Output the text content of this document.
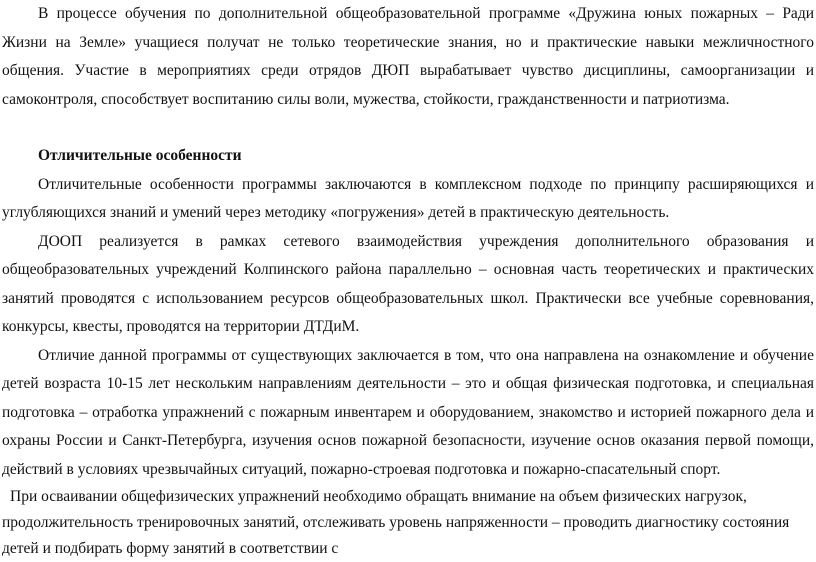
В процессе обучения по дополнительной общеобразовательной программе «Дружина юных пожарных – Ради Жизни на Земле» учащиеся получат не только теоретические знания, но и практические навыки межличностного общения. Участие в мероприятиях среди отрядов ДЮП вырабатывает чувство дисциплины, самоорганизации и самоконтроля, способствует воспитанию силы воли, мужества, стойкости, гражданственности и патриотизма.

Отличительные особенности

Отличительные особенности программы заключаются в комплексном подходе по принципу расширяющихся и углубляющихся знаний и умений через методику «погружения» детей в практическую деятельность.

ДООП реализуется в рамках сетевого взаимодействия учреждения дополнительного образования и общеобразовательных учреждений Колпинского района параллельно – основная часть теоретических и практических занятий проводятся с использованием ресурсов общеобразовательных школ. Практически все учебные соревнования, конкурсы, квесты, проводятся на территории ДТДиМ.

Отличие данной программы от существующих заключается в том, что она направлена на ознакомление и обучение детей возраста 10-15 лет нескольким направлениям деятельности – это и общая физическая подготовка, и специальная подготовка – отработка упражнений с пожарным инвентарем и оборудованием, знакомство и историей пожарного дела и охраны России и Санкт-Петербурга, изучения основ пожарной безопасности, изучение основ оказания первой помощи, действий в условиях чрезвычайных ситуаций, пожарно-строевая подготовка и пожарно-спасательный спорт.

При осваивании общефизических упражнений необходимо обращать внимание на объем физических нагрузок, продолжительность тренировочных занятий, отслеживать уровень напряженности – проводить диагностику состояния детей и подбирать форму занятий в соответствии с
